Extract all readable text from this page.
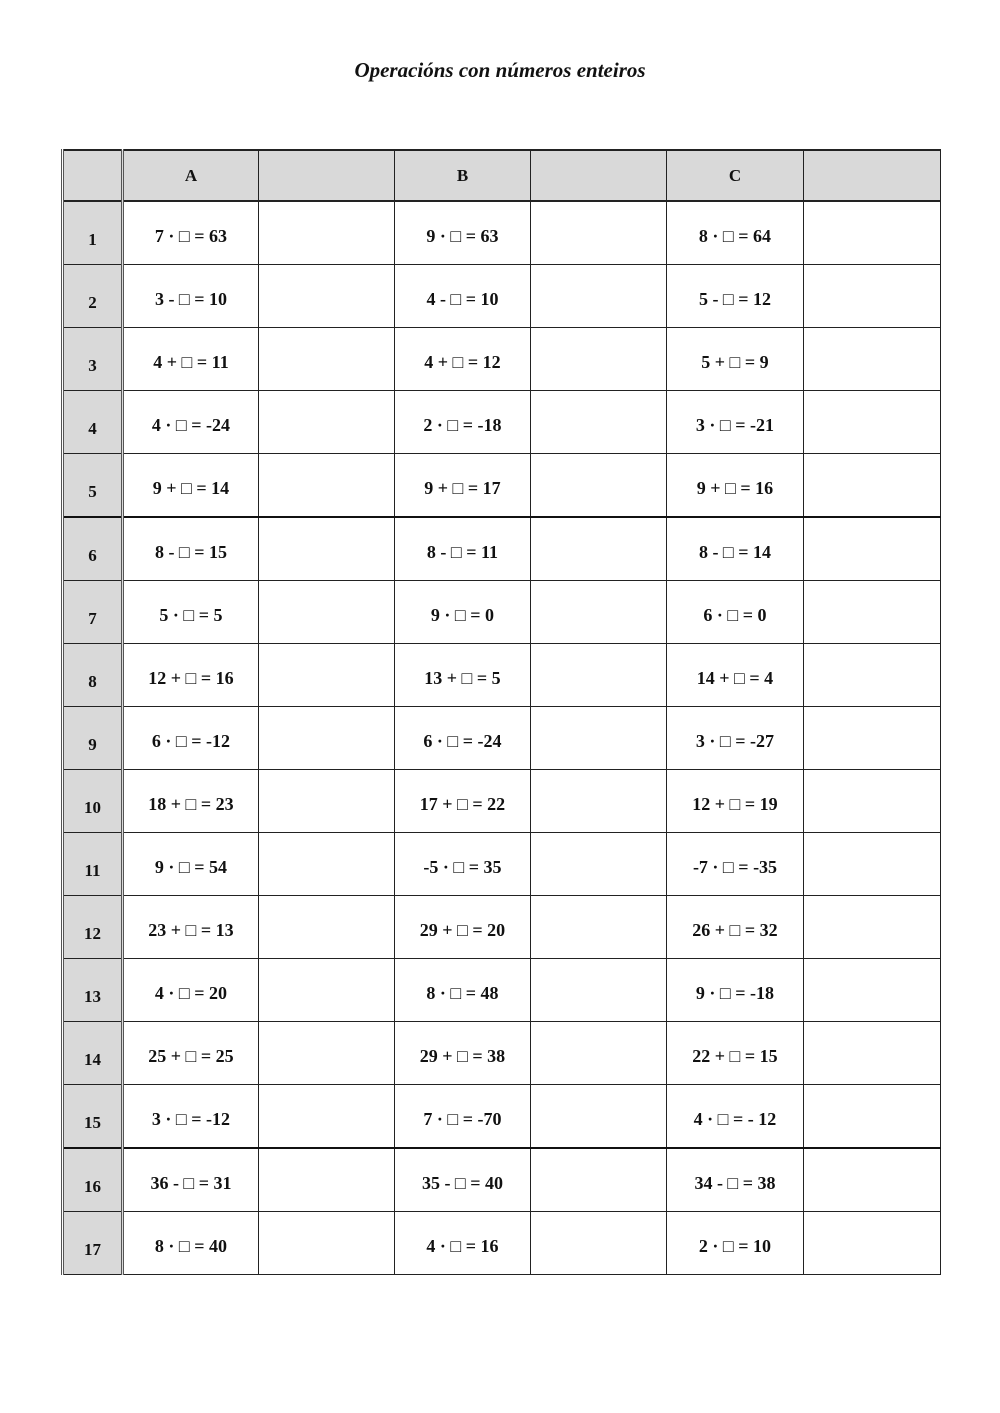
Operacións con números enteiros
	A		B		C	
1	7 · □ = 63		9 · □ = 63		8 · □ = 64	
2	3 - □ = 10		4 - □ = 10		5 - □ = 12	
3	4 + □ = 11		4 + □ = 12		5 + □ = 9	
4	4 · □ = -24		2 · □ = -18		3 · □ = -21	
5	9 + □ = 14		9 + □ = 17		9 + □ = 16	
6	8 - □ = 15		8 - □ = 11		8 - □ = 14	
7	5 · □ = 5		9 · □ = 0		6 · □ = 0	
8	12 + □ = 16		13 + □ = 5		14 + □ = 4	
9	6 · □ = -12		6 · □ = -24		3 · □ = -27	
10	18 + □ = 23		17 + □ = 22		12 + □ = 19	
11	9 · □ = 54		-5 · □ = 35		-7 · □ = -35	
12	23 + □ = 13		29 + □ = 20		26 + □ = 32	
13	4 · □ = 20		8 · □ = 48		9 · □ = -18	
14	25 + □ = 25		29 + □ = 38		22 + □ = 15	
15	3 · □ = -12		7 · □ = -70		4 · □ = - 12	
16	36 - □ = 31		35 - □ = 40		34 - □ = 38	
17	8 · □ = 40		4 · □ = 16		2 · □ = 10	
